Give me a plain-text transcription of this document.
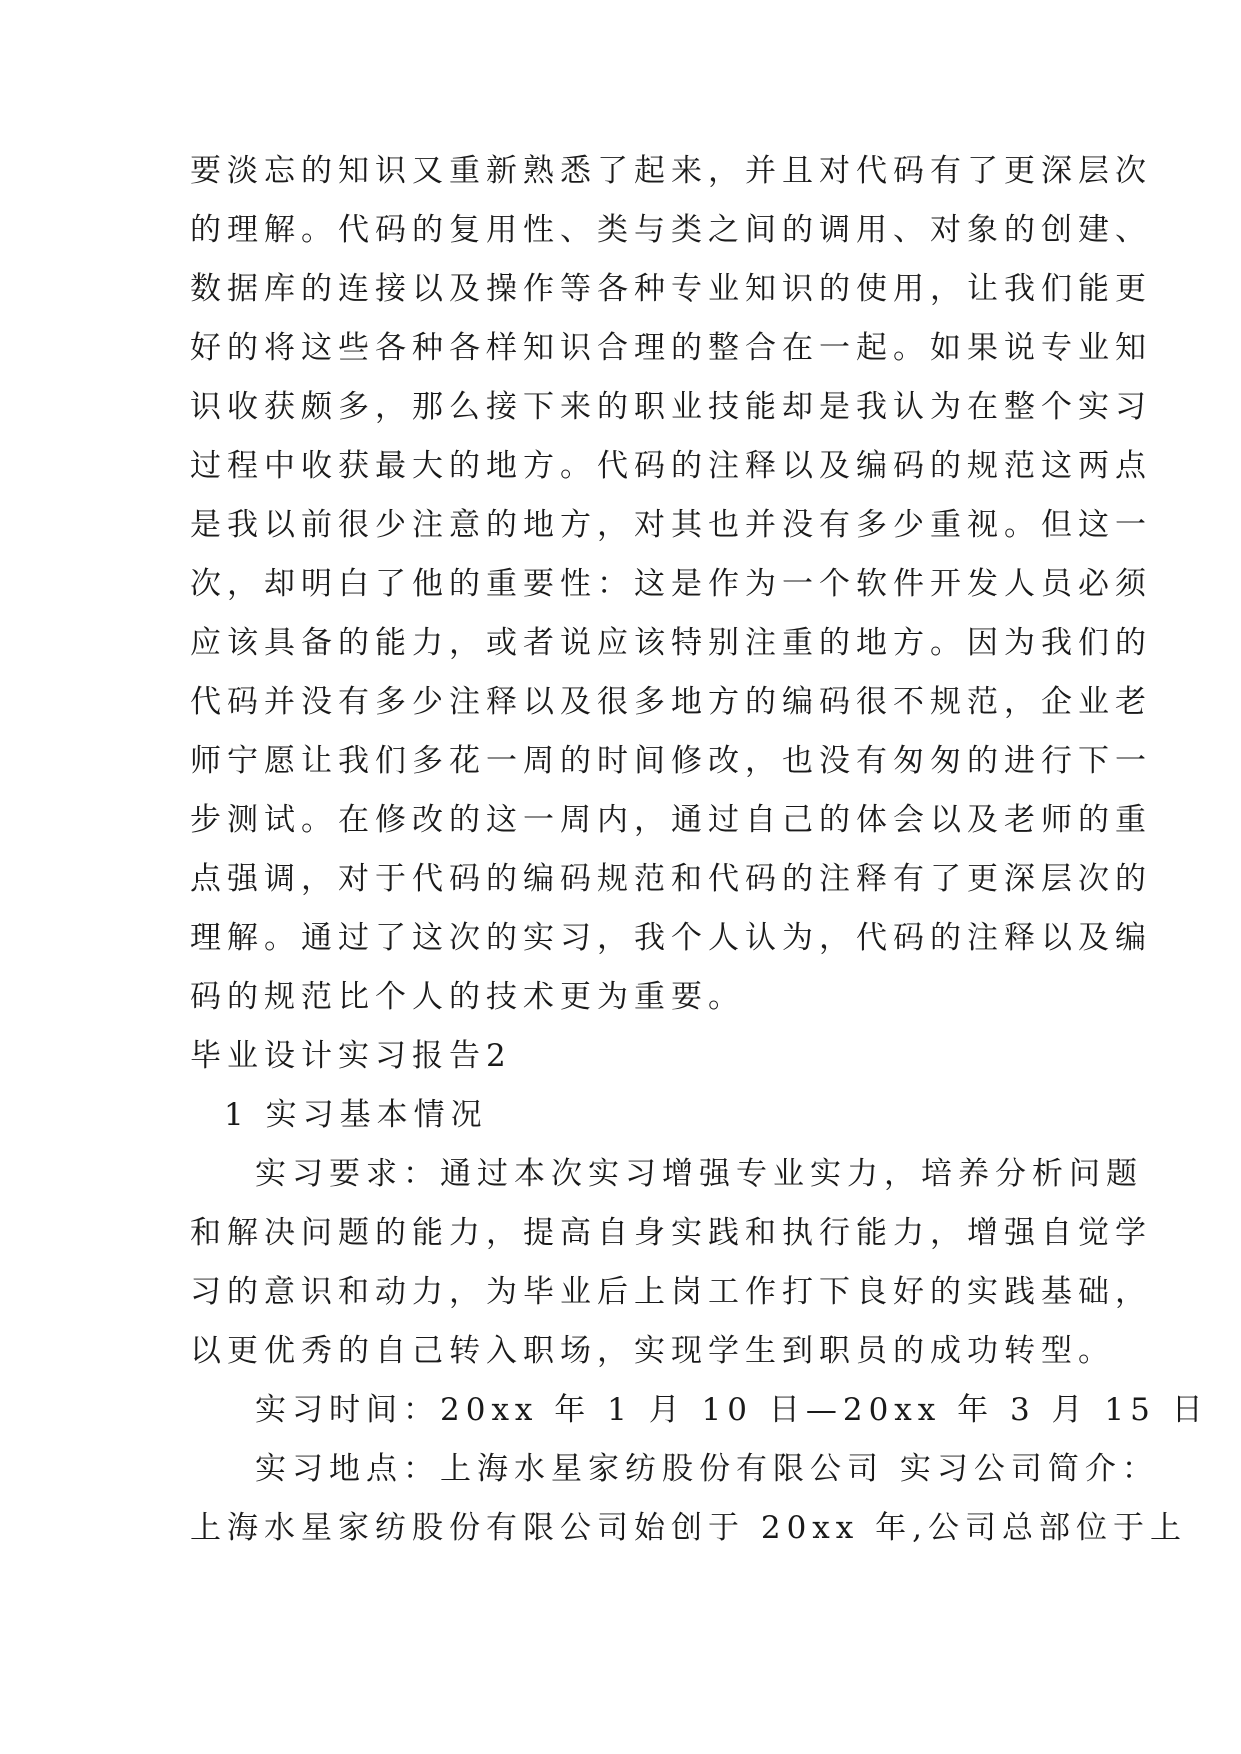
要淡忘的知识又重新熟悉了起来，并且对代码有了更深层次

的理解。代码的复用性、类与类之间的调用、对象的创建、

数据库的连接以及操作等各种专业知识的使用，让我们能更

好的将这些各种各样知识合理的整合在一起。如果说专业知

识收获颇多，那么接下来的职业技能却是我认为在整个实习

过程中收获最大的地方。代码的注释以及编码的规范这两点

是我以前很少注意的地方，对其也并没有多少重视。但这一

次，却明白了他的重要性：这是作为一个软件开发人员必须

应该具备的能力，或者说应该特别注重的地方。因为我们的

代码并没有多少注释以及很多地方的编码很不规范，企业老

师宁愿让我们多花一周的时间修改，也没有匆匆的进行下一

步测试。在修改的这一周内，通过自己的体会以及老师的重

点强调，对于代码的编码规范和代码的注释有了更深层次的

理解。通过了这次的实习，我个人认为，代码的注释以及编

码的规范比个人的技术更为重要。

毕业设计实习报告2
1 实习基本情况

实习要求：通过本次实习增强专业实力，培养分析问题

和解决问题的能力，提高自身实践和执行能力，增强自觉学

习的意识和动力，为毕业后上岗工作打下良好的实践基础，

以更优秀的自己转入职场，实现学生到职员的成功转型。

实习时间：20xx 年 1 月 10 日—20xx 年 3 月 15 日

实习地点：上海水星家纺股份有限公司 实习公司简介：

上海水星家纺股份有限公司始创于 20xx 年,公司总部位于上
